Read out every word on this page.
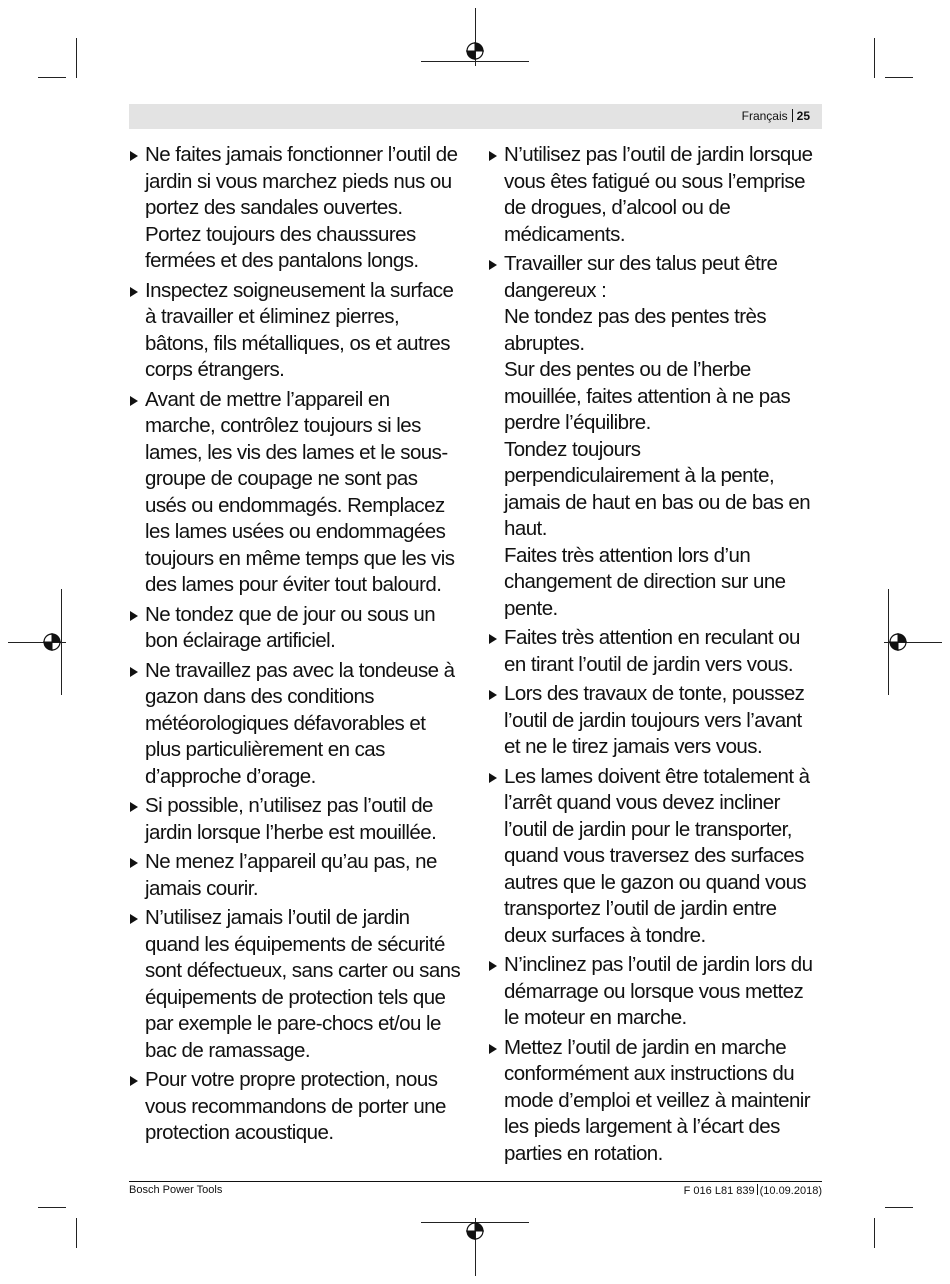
Français 25
Ne faites jamais fonctionner l’outil de jardin si vous marchez pieds nus ou portez des sandales ouvertes. Portez toujours des chaussures fermées et des pantalons longs.
Inspectez soigneusement la surface à travailler et éliminez pierres, bâtons, fils métalliques, os et autres corps étrangers.
Avant de mettre l’appareil en marche, contrôlez toujours si les lames, les vis des lames et le sous-groupe de coupage ne sont pas usés ou endommagés. Remplacez les lames usées ou endommagées toujours en même temps que les vis des lames pour éviter tout balourd.
Ne tondez que de jour ou sous un bon éclairage artificiel.
Ne travaillez pas avec la tondeuse à gazon dans des conditions météorologiques défavorables et plus particulièrement en cas d’approche d’orage.
Si possible, n’utilisez pas l’outil de jardin lorsque l’herbe est mouillée.
Ne menez l’appareil qu’au pas, ne jamais courir.
N’utilisez jamais l’outil de jardin quand les équipements de sécurité sont défectueux, sans carter ou sans équipements de protection tels que par exemple le pare-chocs et/ou le bac de ramassage.
Pour votre propre protection, nous vous recommandons de porter une protection acoustique.
N’utilisez pas l’outil de jardin lorsque vous êtes fatigué ou sous l’emprise de drogues, d’alcool ou de médicaments.
Travailler sur des talus peut être dangereux :
Ne tondez pas des pentes très abruptes.
Sur des pentes ou de l’herbe mouillée, faites attention à ne pas perdre l’équilibre.
Tondez toujours perpendiculairement à la pente, jamais de haut en bas ou de bas en haut.
Faites très attention lors d’un changement de direction sur une pente.
Faites très attention en reculant ou en tirant l’outil de jardin vers vous.
Lors des travaux de tonte, poussez l’outil de jardin toujours vers l’avant et ne le tirez jamais vers vous.
Les lames doivent être totalement à l’arrêt quand vous devez incliner l’outil de jardin pour le transporter, quand vous traversez des surfaces autres que le gazon ou quand vous transportez l’outil de jardin entre deux surfaces à tondre.
N’inclinez pas l’outil de jardin lors du démarrage ou lorsque vous mettez le moteur en marche.
Mettez l’outil de jardin en marche conformément aux instructions du mode d’emploi et veillez à maintenir les pieds largement à l’écart des parties en rotation.
Bosch Power Tools	F 016 L81 839 (10.09.2018)
